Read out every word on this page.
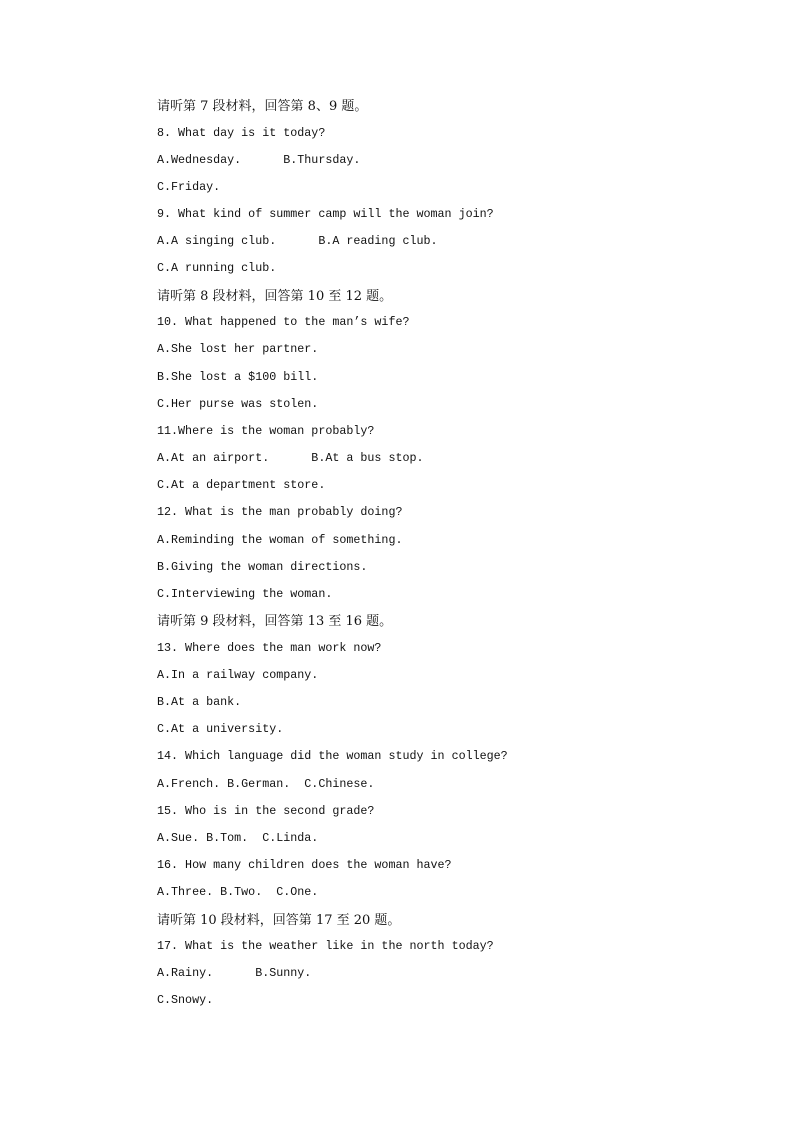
请听第 7 段材料，回答第 8、9 题。
8. What day is it today?
A.Wednesday.      B.Thursday.
C.Friday.
9. What kind of summer camp will the woman join?
A.A singing club.      B.A reading club.
C.A running club.
请听第 8 段材料，回答第 10 至 12 题。
10. What happened to the man’s wife?
A.She lost her partner.
B.She lost a $100 bill.
C.Her purse was stolen.
11.Where is the woman probably?
A.At an airport.      B.At a bus stop.
C.At a department store.
12. What is the man probably doing?
A.Reminding the woman of something.
B.Giving the woman directions.
C.Interviewing the woman.
请听第 9 段材料，回答第 13 至 16 题。
13. Where does the man work now?
A.In a railway company.
B.At a bank.
C.At a university.
14. Which language did the woman study in college?
A.French. B.German.  C.Chinese.
15. Who is in the second grade?
A.Sue. B.Tom.  C.Linda.
16. How many children does the woman have?
A.Three. B.Two.  C.One.
请听第 10 段材料，回答第 17 至 20 题。
17. What is the weather like in the north today?
A.Rainy.      B.Sunny.
C.Snowy.
